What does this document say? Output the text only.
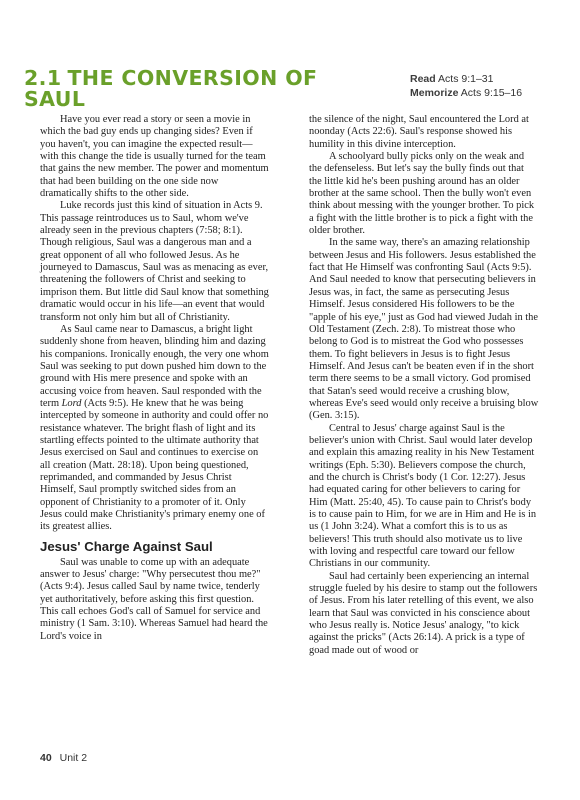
2.1 THE CONVERSION OF
SAUL
Read Acts 9:1–31
Memorize Acts 9:15–16

Have you ever read a story or seen a movie in which the bad guy ends up changing sides? Even if you haven't, you can imagine the expected result—with this change the tide is usually turned for the team that gains the new member. The power and momentum that had been building on the one side now dramatically shifts to the other side.

Luke records just this kind of situation in Acts 9. This passage reintroduces us to Saul, whom we've already seen in the previous chapters (7:58; 8:1). Though religious, Saul was a dangerous man and a great opponent of all who followed Jesus. As he journeyed to Damascus, Saul was as menacing as ever, threatening the followers of Christ and seeking to imprison them. But little did Saul know that something dramatic would occur in his life—an event that would transform not only him but all of Christianity.

As Saul came near to Damascus, a bright light suddenly shone from heaven, blinding him and dazing his companions. Ironically enough, the very one whom Saul was seeking to put down pushed him down to the ground with His mere presence and spoke with an accusing voice from heaven. Saul responded with the term Lord (Acts 9:5). He knew that he was being intercepted by someone in authority and could offer no resistance whatever. The bright flash of light and its startling effects pointed to the ultimate authority that Jesus exercised on Saul and continues to exercise on all creation (Matt. 28:18). Upon being questioned, reprimanded, and commanded by Jesus Christ Himself, Saul promptly switched sides from an opponent of Christianity to a promoter of it. Only Jesus could make Christianity's primary enemy one of its greatest allies.

Jesus' Charge Against Saul

Saul was unable to come up with an adequate answer to Jesus' charge: "Why persecutest thou me?" (Acts 9:4). Jesus called Saul by name twice, tenderly yet authoritatively, before asking this first question. This call echoes God's call of Samuel for service and ministry (1 Sam. 3:10). Whereas Samuel had heard the Lord's voice in

the silence of the night, Saul encountered the Lord at noonday (Acts 22:6). Saul's response showed his humility in this divine interception.

A schoolyard bully picks only on the weak and the defenseless. But let's say the bully finds out that the little kid he's been pushing around has an older brother at the same school. Then the bully won't even think about messing with the younger brother. To pick a fight with the little brother is to pick a fight with the older brother.

In the same way, there's an amazing relationship between Jesus and His followers. Jesus established the fact that He Himself was confronting Saul (Acts 9:5). And Saul needed to know that persecuting believers in Jesus was, in fact, the same as persecuting Jesus Himself. Jesus considered His followers to be the "apple of his eye," just as God had viewed Judah in the Old Testament (Zech. 2:8). To mistreat those who belong to God is to mistreat the God who possesses them. To fight believers in Jesus is to fight Jesus Himself. And Jesus can't be beaten even if in the short term there seems to be a small victory. God promised that Satan's seed would receive a crushing blow, whereas Eve's seed would only receive a bruising blow (Gen. 3:15).

Central to Jesus' charge against Saul is the believer's union with Christ. Saul would later develop and explain this amazing reality in his New Testament writings (Eph. 5:30). Believers compose the church, and the church is Christ's body (1 Cor. 12:27). Jesus had equated caring for other believers to caring for Him (Matt. 25:40, 45). To cause pain to Christ's body is to cause pain to Him, for we are in Him and He is in us (1 John 3:24). What a comfort this is to us as believers! This truth should also motivate us to live with loving and respectful care toward our fellow Christians in our community.

Saul had certainly been experiencing an internal struggle fueled by his desire to stamp out the followers of Jesus. From his later retelling of this event, we also learn that Saul was convicted in his conscience about who Jesus really is. Notice Jesus' analogy, "to kick against the pricks" (Acts 26:14). A prick is a type of goad made out of wood or

40 Unit 2
